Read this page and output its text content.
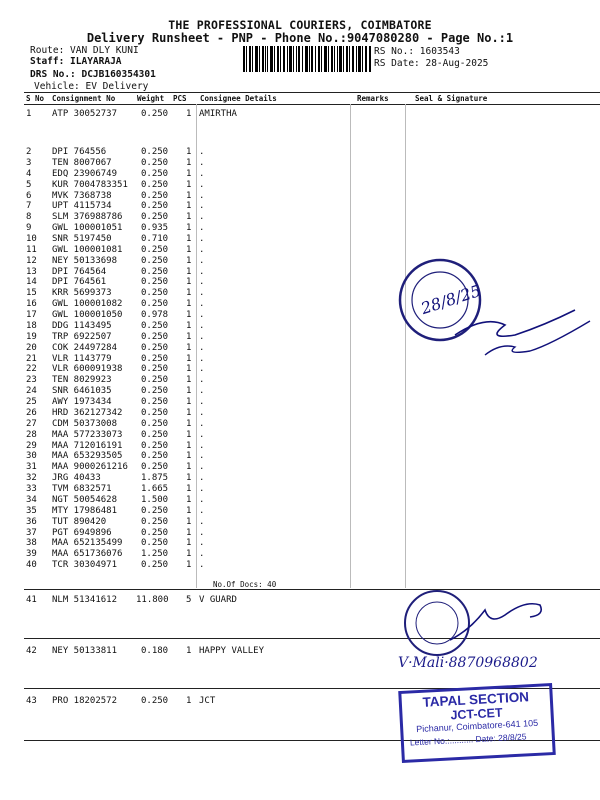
THE PROFESSIONAL COURIERS, COIMBATORE
Delivery Runsheet - PNP - Phone No.:9047080280 - Page No.:1
Route: VAN DLY KUNI
Staff: ILAYARAJA
DRS No.: DCJB160354301
Vehicle: EV Delivery
RS No.: 1603543
RS Date: 28-Aug-2025
S No Consignment No	Weight PCS Consignee Details	Remarks	Seal & Signature
1 ATP 30052737	0.250 1 AMIRTHA
2 DPI 764556	0.250 1 .
3 TEN 8007067	0.250 1 .
4 EDQ 23906749	0.250 1 .
5 KUR 7004783351 0.250 1 .
6 MVK 7368738	0.250 1 .
7 UPT 4115734	0.250 1 .
8 SLM 376988786 0.250 1 .
9 GWL 100001051 0.935 1 .
10 SNR 5197450	0.710 1 .
11 GWL 100001081 0.250 1 .
12 NEY 50133698	0.250 1 .
13 DPI 764564	0.250 1 .
14 DPI 764561	0.250 1 .
15 KRR 5699373	0.250 1 .
16 GWL 100001082 0.250 1 .
17 GWL 100001050 0.978 1 .
18 DDG 1143495	0.250 1 .
19 TRP 6922507	0.250 1 .
20 COK 24497284	0.250 1 .
21 VLR 1143779	0.250 1 .
22 VLR 600091938 0.250 1 .
23 TEN 8029923	0.250 1 .
24 SNR 6461035	0.250 1 .
25 AWY 1973434	0.250 1 .
26 HRD 362127342 0.250 1 .
27 CDM 50373008	0.250 1 .
28 MAA 577233073 0.250 1 .
29 MAA 712016191 0.250 1 .
30 MAA 653293505 0.250 1 .
31 MAA 9000261216 0.250 1 .
32 JRG 40433	1.875 1 .
33 TVM 6832571	1.665 1 .
34 NGT 50054628	1.500 1 .
35 MTY 17986481	0.250 1 .
36 TUT 890420	0.250 1 .
37 PGT 6949896	0.250 1 .
38 MAA 652135499 0.250 1 .
39 MAA 651736076 1.250 1 .
40 TCR 30304971	0.250 1 .
No.Of Docs: 40
41 NLM 51341612 11.800 5 V GUARD
42 NEY 50133811	0.180 1 HAPPY VALLEY
43 PRO 18202572	0.250 1 JCT
28/8/25
V·Mali·8870968802
TAPAL SECTION
JCT-CET
Pichanur, Coimbatore-641 105
Letter No.:.......... Date: 28/8/25
